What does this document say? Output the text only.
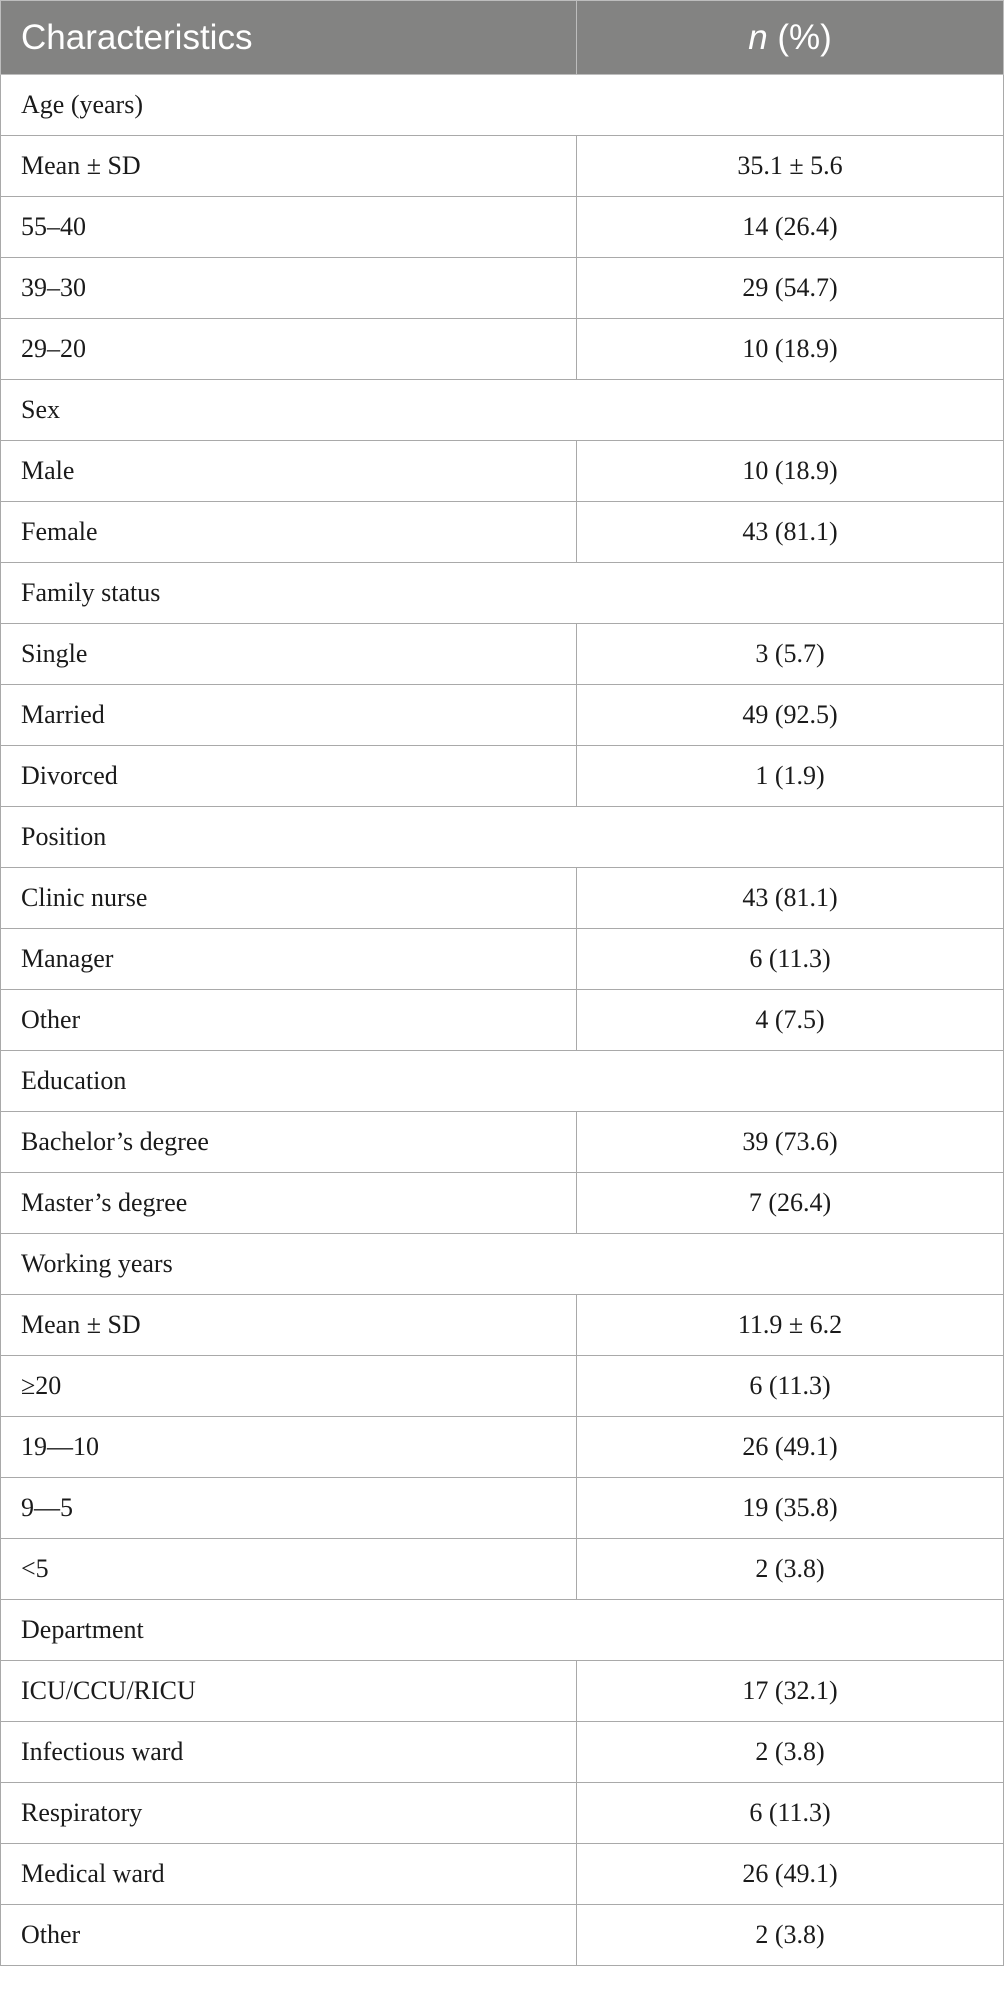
Characteristics	n (%)
Age (years)	
Mean ± SD	35.1 ± 5.6
55–40	14 (26.4)
39–30	29 (54.7)
29–20	10 (18.9)
Sex	
Male	10 (18.9)
Female	43 (81.1)
Family status	
Single	3 (5.7)
Married	49 (92.5)
Divorced	1 (1.9)
Position	
Clinic nurse	43 (81.1)
Manager	6 (11.3)
Other	4 (7.5)
Education	
Bachelor’s degree	39 (73.6)
Master’s degree	7 (26.4)
Working years	
Mean ± SD	11.9 ± 6.2
≥20	6 (11.3)
19—10	26 (49.1)
9—5	19 (35.8)
<5	2 (3.8)
Department	
ICU/CCU/RICU	17 (32.1)
Infectious ward	2 (3.8)
Respiratory	6 (11.3)
Medical ward	26 (49.1)
Other	2 (3.8)
